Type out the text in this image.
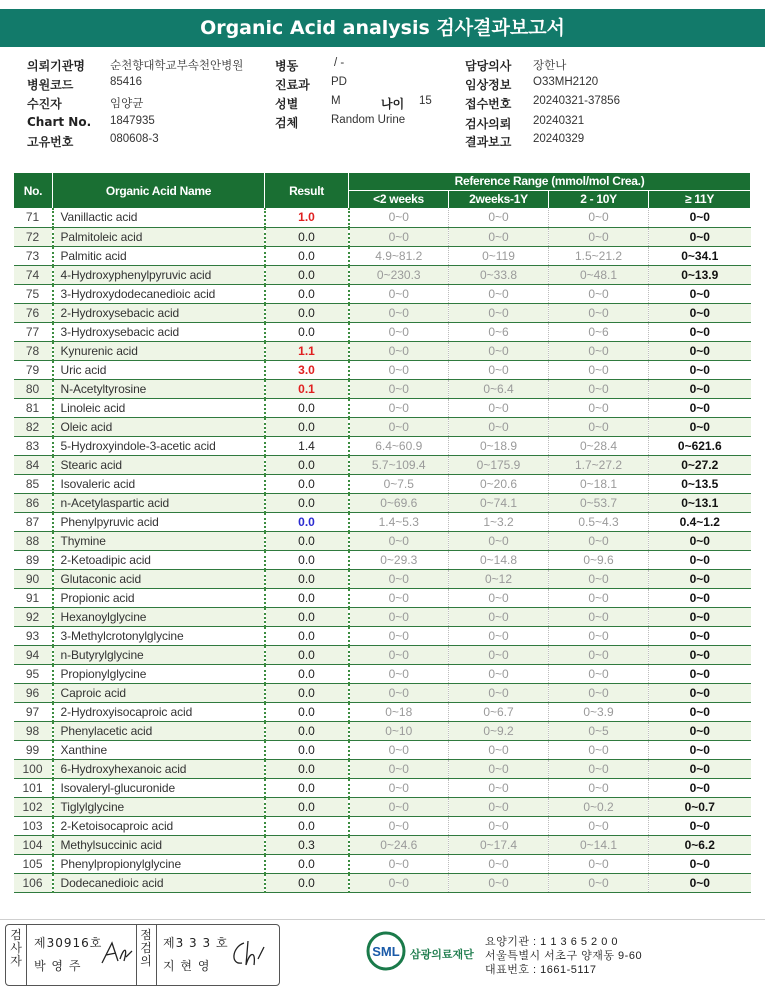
Organic Acid analysis 검사결과보고서
의뢰기관명 순천향대학교부속천안병원
병원코드	85416
수진자	임양균
Chart No. 1847935
고유번호	080608-3
병동	/ -
진료과 PD
성별	M	나이 15
검체	Random Urine
담당의사 장한나
임상정보 O33MH2120
접수번호 20240321-37856
검사의뢰 20240321
결과보고 20240329
No.	Organic Acid Name	Result	Reference Range (mmol/mol Crea.)			
			<2 weeks	2weeks-1Y	2 - 10Y	≥ 11Y
71	Vanillactic acid	1.0	0~0	0~0	0~0	0~0
72	Palmitoleic acid	0.0	0~0	0~0	0~0	0~0
73	Palmitic acid	0.0	4.9~81.2	0~119	1.5~21.2	0~34.1
74	4-Hydroxyphenylpyruvic acid	0.0	0~230.3	0~33.8	0~48.1	0~13.9
75	3-Hydroxydodecanedioic acid	0.0	0~0	0~0	0~0	0~0
76	2-Hydroxysebacic acid	0.0	0~0	0~0	0~0	0~0
77	3-Hydroxysebacic acid	0.0	0~0	0~6	0~6	0~0
78	Kynurenic acid	1.1	0~0	0~0	0~0	0~0
79	Uric acid	3.0	0~0	0~0	0~0	0~0
80	N-Acetyltyrosine	0.1	0~0	0~6.4	0~0	0~0
81	Linoleic acid	0.0	0~0	0~0	0~0	0~0
82	Oleic acid	0.0	0~0	0~0	0~0	0~0
83	5-Hydroxyindole-3-acetic acid	1.4	6.4~60.9	0~18.9	0~28.4	0~621.6
84	Stearic acid	0.0	5.7~109.4	0~175.9	1.7~27.2	0~27.2
85	Isovaleric acid	0.0	0~7.5	0~20.6	0~18.1	0~13.5
86	n-Acetylaspartic acid	0.0	0~69.6	0~74.1	0~53.7	0~13.1
87	Phenylpyruvic acid	0.0	1.4~5.3	1~3.2	0.5~4.3	0.4~1.2
88	Thymine	0.0	0~0	0~0	0~0	0~0
89	2-Ketoadipic acid	0.0	0~29.3	0~14.8	0~9.6	0~0
90	Glutaconic acid	0.0	0~0	0~12	0~0	0~0
91	Propionic acid	0.0	0~0	0~0	0~0	0~0
92	Hexanoylglycine	0.0	0~0	0~0	0~0	0~0
93	3-Methylcrotonylglycine	0.0	0~0	0~0	0~0	0~0
94	n-Butyrylglycine	0.0	0~0	0~0	0~0	0~0
95	Propionylglycine	0.0	0~0	0~0	0~0	0~0
96	Caproic acid	0.0	0~0	0~0	0~0	0~0
97	2-Hydroxyisocaproic acid	0.0	0~18	0~6.7	0~3.9	0~0
98	Phenylacetic acid	0.0	0~10	0~9.2	0~5	0~0
99	Xanthine	0.0	0~0	0~0	0~0	0~0
100	6-Hydroxyhexanoic acid	0.0	0~0	0~0	0~0	0~0
101	Isovaleryl-glucuronide	0.0	0~0	0~0	0~0	0~0
102	Tiglylglycine	0.0	0~0	0~0	0~0.2	0~0.7
103	2-Ketoisocaproic acid	0.0	0~0	0~0	0~0	0~0
104	Methylsuccinic acid	0.3	0~24.6	0~17.4	0~14.1	0~6.2
105	Phenylpropionylglycine	0.0	0~0	0~0	0~0	0~0
106	Dodecanedioic acid	0.0	0~0	0~0	0~0	0~0
검
사
자
제30916호
박 영 주
점
검
의
제3 3 3 호
지 현 영
SML 삼광의료재단
요양기관 : 1 1 3 6 5 2 0 0
서울특별시 서초구 양재동 9-60
대표번호 : 1661-5117
